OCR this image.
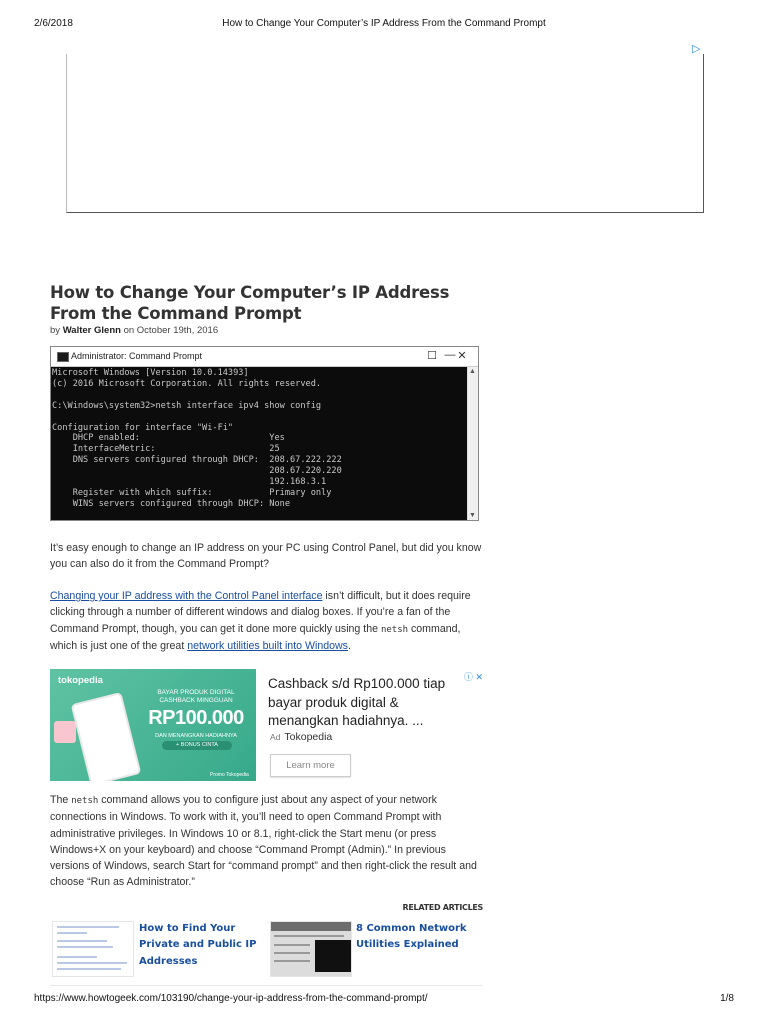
2/6/2018	How to Change Your Computer’s IP Address From the Command Prompt
▷
How to Change Your Computer’s IP Address From the Command Prompt
by Walter Glenn on October 19th, 2016
Administrator: Command Prompt	—
☐ ✕
Microsoft Windows [Version 10.0.14393]
(c) 2016 Microsoft Corporation. All rights reserved.

C:\Windows\system32>netsh interface ipv4 show config

Configuration for interface "Wi-Fi"
DHCP enabled:                         Yes
InterfaceMetric:                      25
DNS servers configured through DHCP:  208.67.222.222
208.67.220.220
192.168.3.1
Register with which suffix:           Primary only
WINS servers configured through DHCP: None
▲
▼
It’s easy enough to change an IP address on your PC using Control Panel, but did you know you can also do it from the Command Prompt?
Changing your IP address with the Control Panel interface isn’t difficult, but it does require clicking through a number of different windows and dialog boxes. If you’re a fan of the Command Prompt, though, you can get it done more quickly using the netsh command, which is just one of the great network utilities built into Windows.
tokopedia
BAYAR PRODUK DIGITAL
CASHBACK MINGGUAN
RP100.000
DAN MENANGKAN HADIAHNYA
+ BONUS CINTA
Promo Tokopedia
Cashback s/d Rp100.000 tiap bayar produk digital & menangkan hadiahnya. ...
Ad Tokopedia
Learn more
ⓘ ✕
The netsh command allows you to configure just about any aspect of your network connections in Windows. To work with it, you’ll need to open Command Prompt with administrative privileges. In Windows 10 or 8.1, right-click the Start menu (or press Windows+X on your keyboard) and choose “Command Prompt (Admin).” In previous versions of Windows, search Start for “command prompt” and then right-click the result and choose “Run as Administrator.”
RELATED ARTICLES
How to Find Your Private and Public IP Addresses
8 Common Network Utilities Explained
https://www.howtogeek.com/103190/change-your-ip-address-from-the-command-prompt/	1/8
